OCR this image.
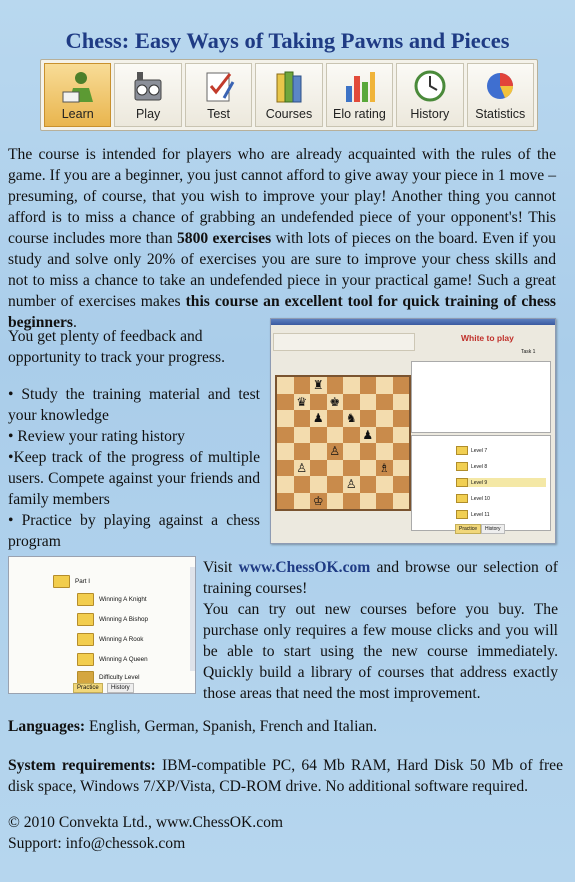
Chess: Easy Ways of Taking Pawns and Pieces
Learn	Play	Test	Courses Elo rating History Statistics
The course is intended for players who are already acquainted with the rules of the game. If you are a beginner, you just cannot afford to give away your piece in 1 move – presuming, of course, that you wish to improve your play! Another thing you cannot afford is to miss a chance of grabbing an undefended piece of your opponent's! This course includes more than 5800 exercises with lots of pieces on the board. Even if you study and solve only 20% of exercises you are sure to improve your chess skills and not to miss a chance to take an undefended piece in your practical game! Such a great number of exercises makes this course an excellent tool for quick training of chess beginners.
You get plenty of feedback and opportunity to track your progress.
• Study the training material and test your knowledge
• Review your rating history
•Keep track of the progress of multiple users. Compete against your friends and family members
• Practice by playing against a chess program
White to play
Task 1
♜
♛ ♚
♟ ♞
♟
♙
♙	♗
♙
♔
Level 7
Level 8
Level 9
Level 10
Level 11
Practice	History
Part I
Winning A Knight
Winning A Bishop
Winning A Rook
Winning A Queen
Difficulty Level
Practice	History
Visit www.ChessOK.com and browse our selection of training courses!
You can try out new courses before you buy. The purchase only requires a few mouse clicks and you will be able to start using the new course immediately. Quickly build a library of courses that address exactly those areas that need the most improvement.
Languages: English, German, Spanish, French and Italian.
System requirements: IBM-compatible PC, 64 Mb RAM, Hard Disk 50 Mb of free disk space, Windows 7/XP/Vista, CD-ROM drive. No additional software required.
© 2010 Convekta Ltd., www.ChessOK.com
Support: info@chessok.com
